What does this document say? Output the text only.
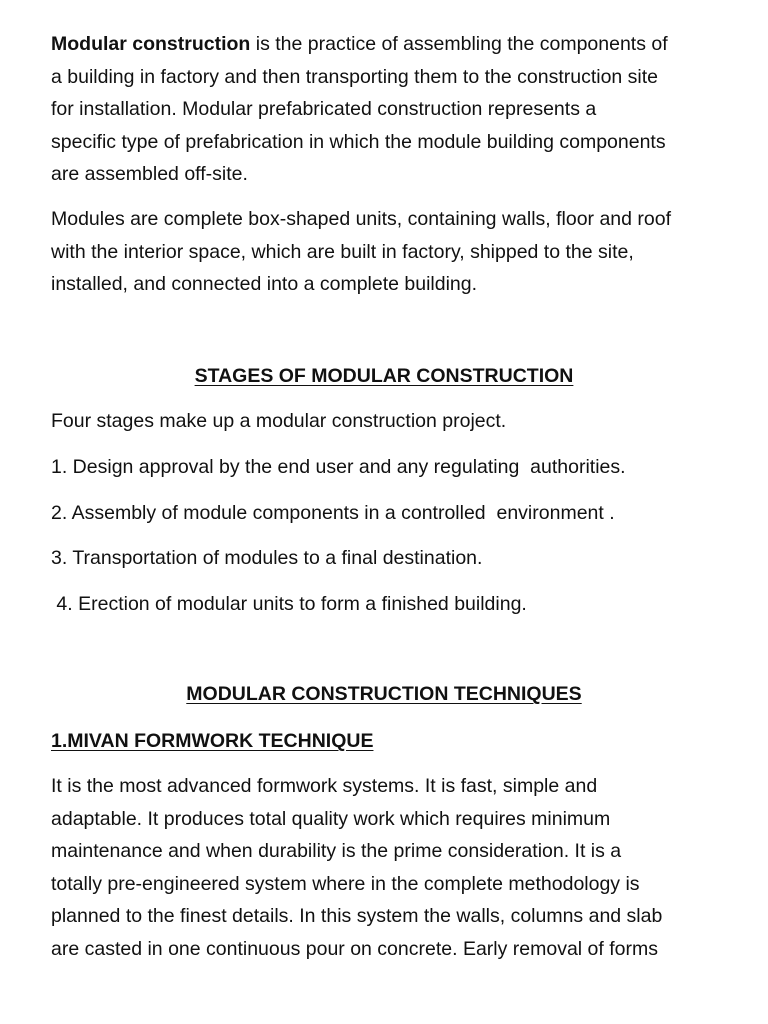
Modular construction is the practice of assembling the components of
a building in factory and then transporting them to the construction site
for installation. Modular prefabricated construction represents a
specific type of prefabrication in which the module building components
are assembled off-site.

Modules are complete box-shaped units, containing walls, floor and roof
with the interior space, which are built in factory, shipped to the site,
installed, and connected into a complete building.

STAGES OF MODULAR CONSTRUCTION

Four stages make up a modular construction project.

1. Design approval by the end user and any regulating  authorities.

2. Assembly of module components in a controlled  environment .

3. Transportation of modules to a final destination.

4. Erection of modular units to form a finished building.

MODULAR CONSTRUCTION TECHNIQUES
1.MIVAN FORMWORK TECHNIQUE

It is the most advanced formwork systems. It is fast, simple and
adaptable. It produces total quality work which requires minimum
maintenance and when durability is the prime consideration. It is a
totally pre-engineered system where in the complete methodology is
planned to the finest details. In this system the walls, columns and slab
are casted in one continuous pour on concrete. Early removal of forms
